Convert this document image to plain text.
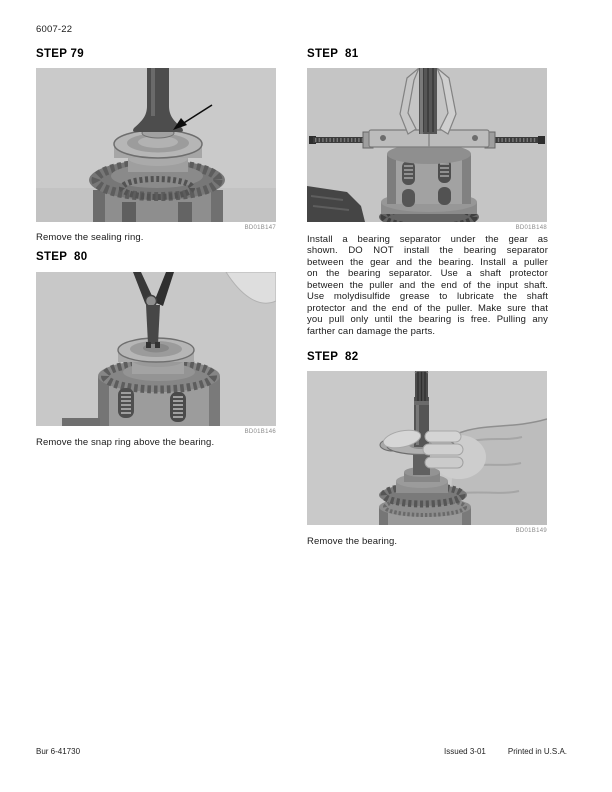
6007-22
STEP 79
BD01B147
Remove the sealing ring.
STEP  80
BD01B146
Remove the snap ring above the bearing.
STEP  81
BD01B148
Install a bearing separator under the gear as
shown. DO NOT install the bearing separator
between the gear and the bearing. Install a puller
on the bearing separator. Use a shaft protector
between the puller and the end of the input shaft.
Use molydisulfide grease to lubricate the shaft
protector and the end of the puller. Make sure that
you pull only until the bearing is free. Pulling any
farther can damage the parts.
STEP  82
BD01B149
Remove the bearing.
Bur 6-41730	Issued 3-01	Printed in U.S.A.
